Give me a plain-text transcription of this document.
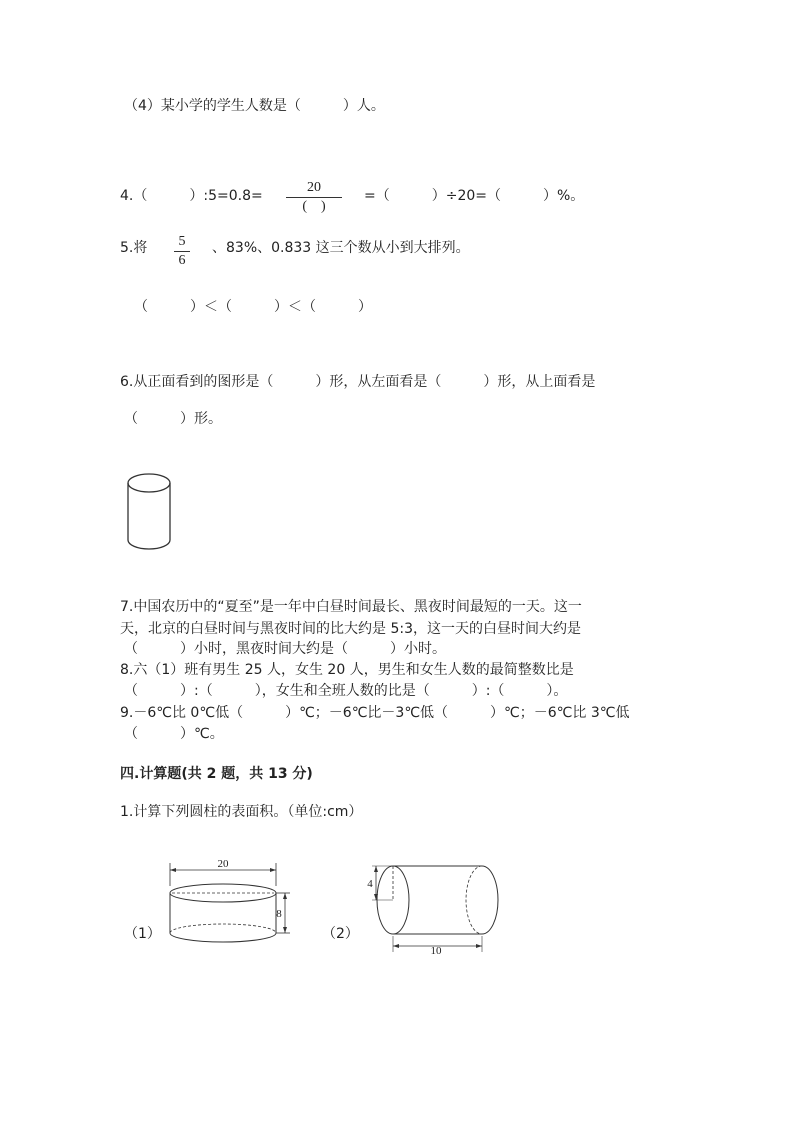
（4）某小学的学生人数是（　　　）人。
4.（　　　）:5=0.8=
20
(　)
=（　　　）÷20=（　　　）%。
5.将	5
6
、83%、0.833 这三个数从小到大排列。
（　　　）＜（　　　）＜（　　　）
6.从正面看到的图形是（　　　）形，从左面看是（　　　）形，从上面看是
（　　　）形。
7.中国农历中的“夏至”是一年中白昼时间最长、黑夜时间最短的一天。这一
天，北京的白昼时间与黑夜时间的比大约是 5:3，这一天的白昼时间大约是
（　　　）小时，黑夜时间大约是（　　　）小时。
8.六（1）班有男生 25 人，女生 20 人，男生和女生人数的最简整数比是
（　　　）:（　　　），女生和全班人数的比是（　　　）:（　　　）。
9.－6℃比 0℃低（　　　）℃；－6℃比－3℃低（　　　）℃；－6℃比 3℃低
（　　　）℃。
四.计算题(共 2 题，共 13 分)
1.计算下列圆柱的表面积。（单位:cm）
（1）	（2）
20
8
4
10
